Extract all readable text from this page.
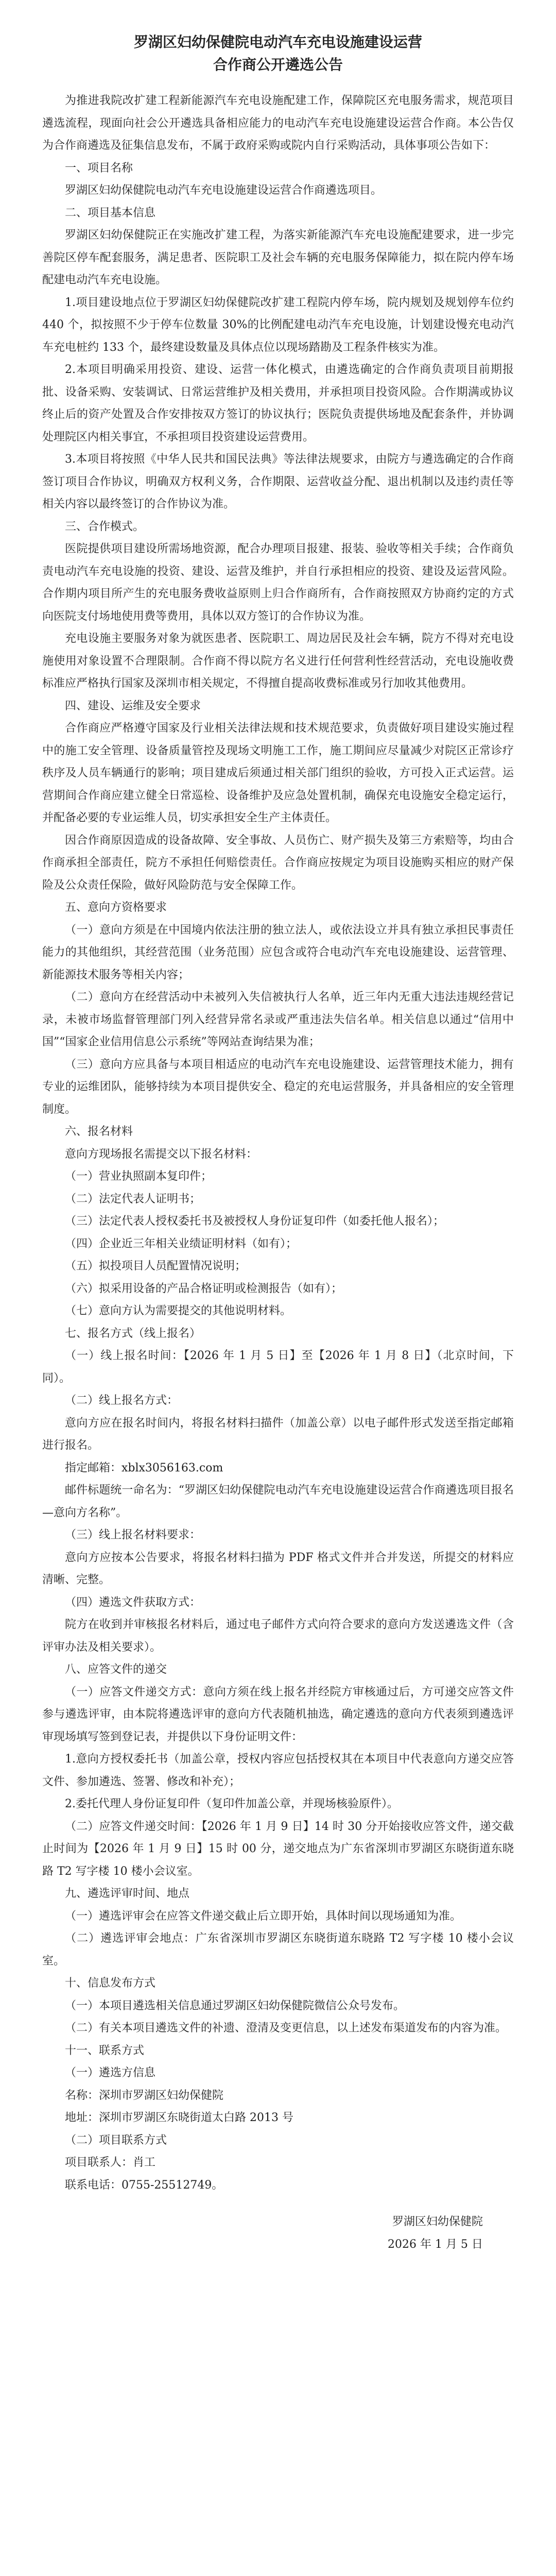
罗湖区妇幼保健院电动汽车充电设施建设运营
合作商公开遴选公告

为推进我院改扩建工程新能源汽车充电设施配建工作，保障院区充电服务需求，规范项目遴选流程，现面向社会公开遴选具备相应能力的电动汽车充电设施建设运营合作商。本公告仅为合作商遴选及征集信息发布，不属于政府采购或院内自行采购活动，具体事项公告如下：

一、项目名称

罗湖区妇幼保健院电动汽车充电设施建设运营合作商遴选项目。

二、项目基本信息

罗湖区妇幼保健院正在实施改扩建工程，为落实新能源汽车充电设施配建要求，进一步完善院区停车配套服务，满足患者、医院职工及社会车辆的充电服务保障能力，拟在院内停车场配建电动汽车充电设施。

1.项目建设地点位于罗湖区妇幼保健院改扩建工程院内停车场，院内规划及规划停车位约 440 个，拟按照不少于停车位数量 30%的比例配建电动汽车充电设施，计划建设慢充电动汽车充电桩约 133 个，最终建设数量及具体点位以现场踏勘及工程条件核实为准。

2.本项目明确采用投资、建设、运营一体化模式，由遴选确定的合作商负责项目前期报批、设备采购、安装调试、日常运营维护及相关费用，并承担项目投资风险。合作期满或协议终止后的资产处置及合作安排按双方签订的协议执行；医院负责提供场地及配套条件，并协调处理院区内相关事宜，不承担项目投资建设运营费用。

3.本项目将按照《中华人民共和国民法典》等法律法规要求，由院方与遴选确定的合作商签订项目合作协议，明确双方权利义务，合作期限、运营收益分配、退出机制以及违约责任等相关内容以最终签订的合作协议为准。

三、合作模式。

医院提供项目建设所需场地资源，配合办理项目报建、报装、验收等相关手续；合作商负责电动汽车充电设施的投资、建设、运营及维护，并自行承担相应的投资、建设及运营风险。合作期内项目所产生的充电服务费收益原则上归合作商所有，合作商按照双方协商约定的方式向医院支付场地使用费等费用，具体以双方签订的合作协议为准。

充电设施主要服务对象为就医患者、医院职工、周边居民及社会车辆，院方不得对充电设施使用对象设置不合理限制。合作商不得以院方名义进行任何营利性经营活动，充电设施收费标准应严格执行国家及深圳市相关规定，不得擅自提高收费标准或另行加收其他费用。

四、建设、运维及安全要求

合作商应严格遵守国家及行业相关法律法规和技术规范要求，负责做好项目建设实施过程中的施工安全管理、设备质量管控及现场文明施工工作，施工期间应尽量减少对院区正常诊疗秩序及人员车辆通行的影响；项目建成后须通过相关部门组织的验收，方可投入正式运营。运营期间合作商应建立健全日常巡检、设备维护及应急处置机制，确保充电设施安全稳定运行，并配备必要的专业运维人员，切实承担安全生产主体责任。

因合作商原因造成的设备故障、安全事故、人员伤亡、财产损失及第三方索赔等，均由合作商承担全部责任，院方不承担任何赔偿责任。合作商应按规定为项目设施购买相应的财产保险及公众责任保险，做好风险防范与安全保障工作。

五、意向方资格要求

（一）意向方须是在中国境内依法注册的独立法人，或依法设立并具有独立承担民事责任能力的其他组织，其经营范围（业务范围）应包含或符合电动汽车充电设施建设、运营管理、新能源技术服务等相关内容；

（二）意向方在经营活动中未被列入失信被执行人名单，近三年内无重大违法违规经营记录，未被市场监督管理部门列入经营异常名录或严重违法失信名单。相关信息以通过“信用中国”“国家企业信用信息公示系统”等网站查询结果为准；

（三）意向方应具备与本项目相适应的电动汽车充电设施建设、运营管理技术能力，拥有专业的运维团队，能够持续为本项目提供安全、稳定的充电运营服务，并具备相应的安全管理制度。

六、报名材料

意向方现场报名需提交以下报名材料：

（一）营业执照副本复印件；

（二）法定代表人证明书；

（三）法定代表人授权委托书及被授权人身份证复印件（如委托他人报名）；

（四）企业近三年相关业绩证明材料（如有）；

（五）拟投项目人员配置情况说明；

（六）拟采用设备的产品合格证明或检测报告（如有）；

（七）意向方认为需要提交的其他说明材料。

七、报名方式（线上报名）

（一）线上报名时间：【2026 年 1 月 5 日】至【2026 年 1 月 8 日】（北京时间，下同）。

（二）线上报名方式：

意向方应在报名时间内，将报名材料扫描件（加盖公章）以电子邮件形式发送至指定邮箱进行报名。

指定邮箱：xblx3056163.com

邮件标题统一命名为：“罗湖区妇幼保健院电动汽车充电设施建设运营合作商遴选项目报名—意向方名称”。

（三）线上报名材料要求：

意向方应按本公告要求，将报名材料扫描为 PDF 格式文件并合并发送，所提交的材料应清晰、完整。

（四）遴选文件获取方式：

院方在收到并审核报名材料后，通过电子邮件方式向符合要求的意向方发送遴选文件（含评审办法及相关要求）。

八、应答文件的递交

（一）应答文件递交方式：意向方须在线上报名并经院方审核通过后，方可递交应答文件参与遴选评审，由本院将遴选评审的意向方代表随机抽选，确定遴选的意向方代表须到遴选评审现场填写签到登记表，并提供以下身份证明文件：

1.意向方授权委托书（加盖公章，授权内容应包括授权其在本项目中代表意向方递交应答文件、参加遴选、签署、修改和补充）；

2.委托代理人身份证复印件（复印件加盖公章，并现场核验原件）。

（二）应答文件递交时间：【2026 年 1 月 9 日】14 时 30 分开始接收应答文件，递交截止时间为【2026 年 1 月 9 日】15 时 00 分，递交地点为广东省深圳市罗湖区东晓街道东晓路 T2 写字楼 10 楼小会议室。

九、遴选评审时间、地点

（一）遴选评审会在应答文件递交截止后立即开始，具体时间以现场通知为准。

（二）遴选评审会地点：广东省深圳市罗湖区东晓街道东晓路 T2 写字楼 10 楼小会议室。

十、信息发布方式

（一）本项目遴选相关信息通过罗湖区妇幼保健院微信公众号发布。

（二）有关本项目遴选文件的补遗、澄清及变更信息，以上述发布渠道发布的内容为准。

十一、联系方式

（一）遴选方信息

名称：深圳市罗湖区妇幼保健院

地址：深圳市罗湖区东晓街道太白路 2013 号

（二）项目联系方式

项目联系人：肖工

联系电话：0755-25512749。

罗湖区妇幼保健院

2026 年 1 月 5 日
